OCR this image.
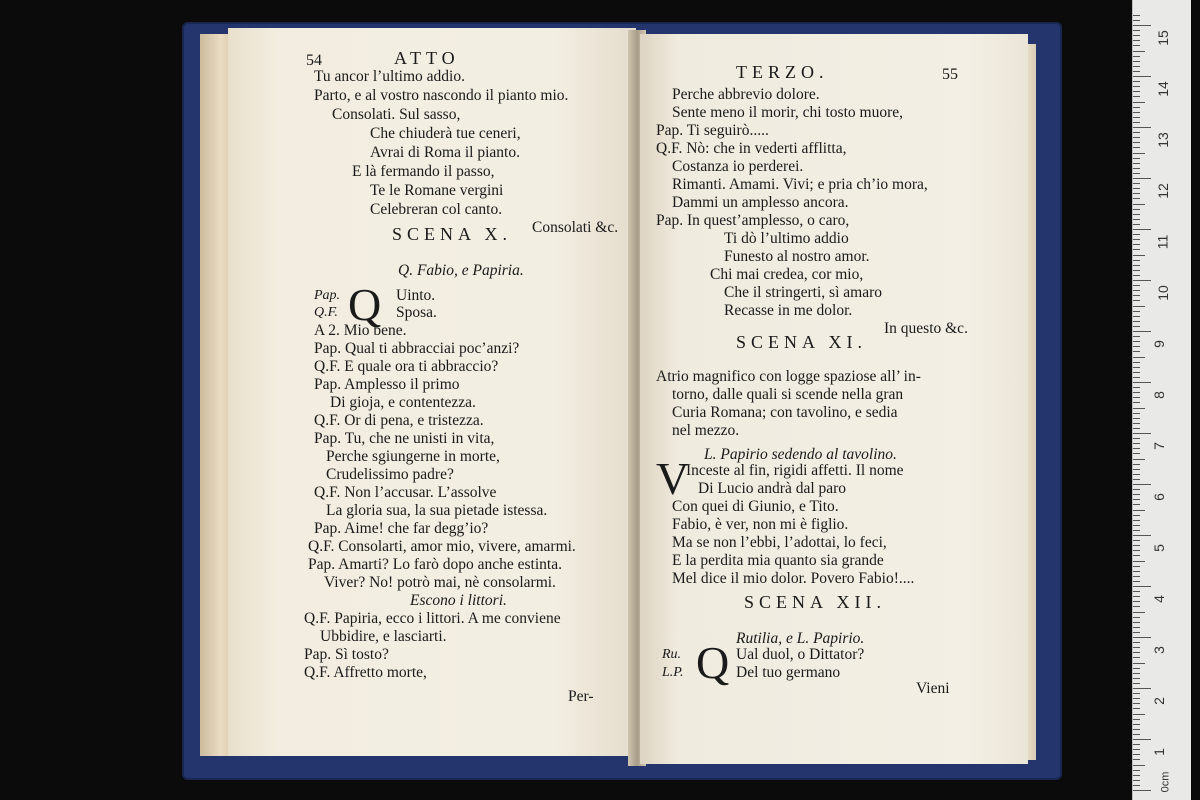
54	ATTO
Tu ancor l’ultimo addio.
Parto, e al vostro nascondo il pianto mio.
Consolati. Sul sasso,
Che chiuderà tue ceneri,
Avrai di Roma il pianto.
E là fermando il passo,
Te le Romane vergini
Celebreran col canto.
Consolati &c.
SCENA X.
Q. Fabio, e Papiria.
Pap. Q Uinto.
Q.F.	Sposa.
A 2. Mio bene.
Pap. Qual ti abbracciai poc’anzi?
Q.F. E quale ora ti abbraccio?
Pap. Amplesso il primo
Di gioja, e contentezza.
Q.F. Or di pena, e tristezza.
Pap. Tu, che ne unisti in vita,
Perche sgiungerne in morte,
Crudelissimo padre?
Q.F. Non l’accusar. L’assolve
La gloria sua, la sua pietade istessa.
Pap. Aime! che far degg’io?
Q.F. Consolarti, amor mio, vivere, amarmi.
Pap. Amarti? Lo farò dopo anche estinta.
Viver? No! potrò mai, nè consolarmi.
Escono i littori.
Q.F. Papiria, ecco i littori. A me conviene
Ubbidire, e lasciarti.
Pap. Sì tosto?
Q.F. Affretto morte,
Per-
TERZO.	55
Perche abbrevio dolore.
Sente meno il morir, chi tosto muore,
Pap. Ti seguirò.....
Q.F. Nò: che in vederti afflitta,
Costanza io perderei.
Rimanti. Amami. Vivi; e pria ch’io mora,
Dammi un amplesso ancora.
Pap. In quest’amplesso, o caro,
Ti dò l’ultimo addio
Funesto al nostro amor.
Chi mai credea, cor mio,
Che il stringerti, sì amaro
Recasse in me dolor.
In questo &c.
SCENA XI.
Atrio magnifico con logge spaziose all’ in-
torno, dalle quali si scende nella gran
Curia Romana; con tavolino, e sedia
nel mezzo.
L. Papirio sedendo al tavolino.
V
Inceste al fin, rigidi affetti. Il nome
Di Lucio andrà dal paro
Con quei di Giunio, e Tito.
Fabio, è ver, non mi è figlio.
Ma se non l’ebbi, l’adottai, lo feci,
E la perdita mia quanto sia grande
Mel dice il mio dolor. Povero Fabio!....
SCENA XII.
Rutilia, e L. Papirio.
Ru. Q Ual duol, o Dittator?
L.P.	Del tuo germano
Vieni
15
14
13
12
11
10
9
8
7
6
5
4
3
2
1
0cm
